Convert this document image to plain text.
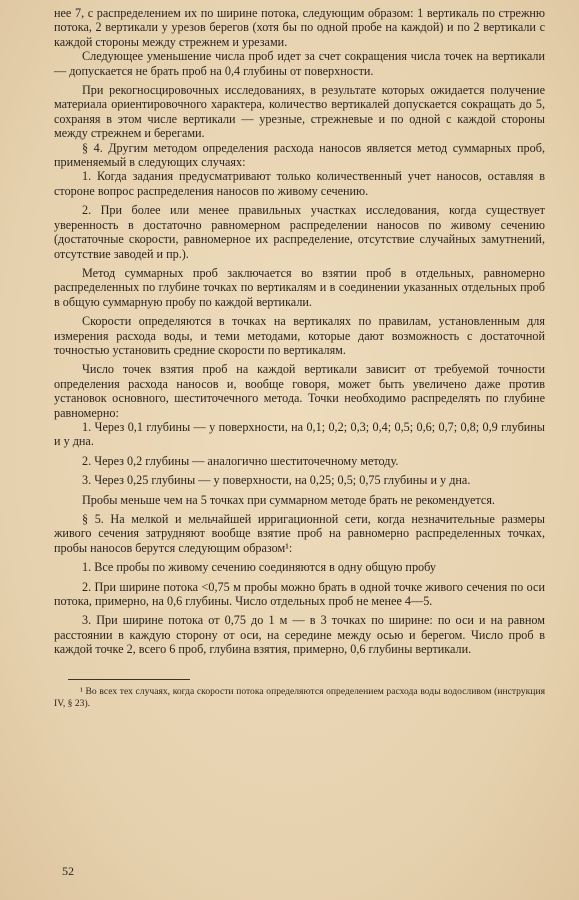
нее 7, с распределением их по ширине потока, следующим образом: 1 вертикаль по стрежню потока, 2 вертикали у урезов берегов (хотя бы по одной пробе на каждой) и по 2 вертикали с каждой стороны между стрежнем и урезами.

Следующее уменьшение числа проб идет за счет сокращения числа точек на вертикали — допускается не брать проб на 0,4 глубины от поверхности.

При рекогносцировочных исследованиях, в результате которых ожидается получение материала ориентировочного характера, количество вертикалей допускается сокращать до 5, сохраняя в этом числе вертикали — урезные, стрежневые и по одной с каждой стороны между стрежнем и берегами.

§ 4. Другим методом определения расхода наносов является метод суммарных проб, применяемый в следующих случаях:

1. Когда задания предусматривают только количественный учет наносов, оставляя в стороне вопрос распределения наносов по живому сечению.

2. При более или менее правильных участках исследования, когда существует уверенность в достаточно равномерном распределении наносов по живому сечению (достаточные скорости, равномерное их распределение, отсутствие случайных замутнений, отсутствие заводей и пр.).

Метод суммарных проб заключается во взятии проб в отдельных, равномерно распределенных по глубине точках по вертикалям и в соединении указанных отдельных проб в общую суммарную пробу по каждой вертикали.

Скорости определяются в точках на вертикалях по правилам, установленным для измерения расхода воды, и теми методами, которые дают возможность с достаточной точностью установить средние скорости по вертикалям.

Число точек взятия проб на каждой вертикали зависит от требуемой точности определения расхода наносов и, вообще говоря, может быть увеличено даже против установок основного, шеститочечного метода. Точки необходимо распределять по глубине равномерно:

1. Через 0,1 глубины — у поверхности, на 0,1; 0,2; 0,3; 0,4; 0,5; 0,6; 0,7; 0,8; 0,9 глубины и у дна.

2. Через 0,2 глубины — аналогично шеститочечному методу.

3. Через 0,25 глубины — у поверхности, на 0,25; 0,5; 0,75 глубины и у дна.

Пробы меньше чем на 5 точках при суммарном методе брать не рекомендуется.

§ 5. На мелкой и мельчайшей ирригационной сети, когда незначительные размеры живого сечения затрудняют вообще взятие проб на равномерно распределенных точках, пробы наносов берутся следующим образом¹:

1. Все пробы по живому сечению соединяются в одну общую пробу

2. При ширине потока <0,75 м пробы можно брать в одной точке живого сечения по оси потока, примерно, на 0,6 глубины. Число отдельных проб не менее 4—5.

3. При ширине потока от 0,75 до 1 м — в 3 точках по ширине: по оси и на равном расстоянии в каждую сторону от оси, на середине между осью и берегом. Число проб в каждой точке 2, всего 6 проб, глубина взятия, примерно, 0,6 глубины вертикали.

¹ Во всех тех случаях, когда скорости потока определяются определением расхода воды водосливом (инструкция IV, § 23).

52
